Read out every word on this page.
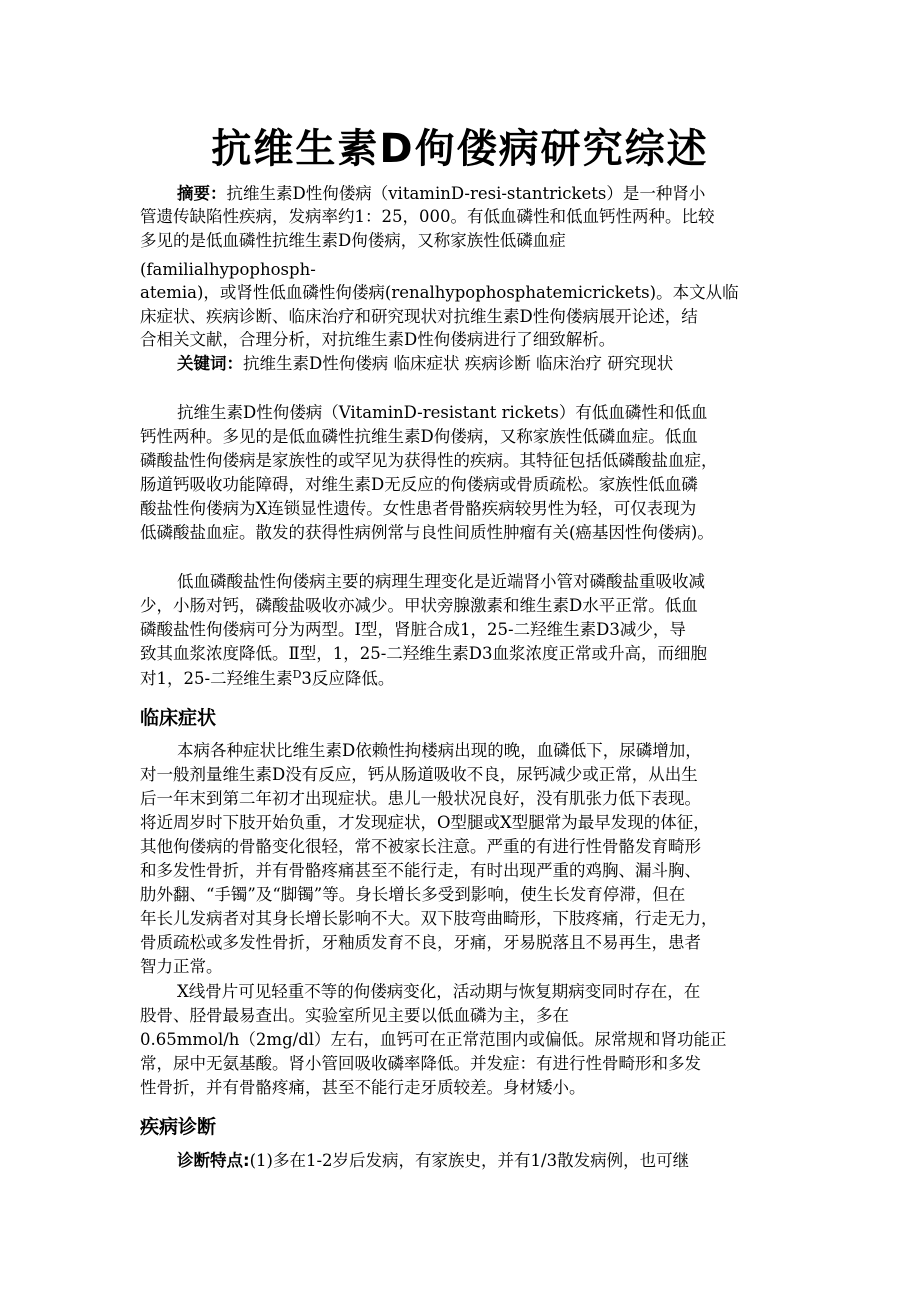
抗维生素D佝偻病研究综述
摘要：抗维生素D性佝偻病（vitaminD-resi-stantrickets）是一种肾小
管遗传缺陷性疾病，发病率约1：25，000。有低血磷性和低血钙性两种。比较
多见的是低血磷性抗维生素D佝偻病，又称家族性低磷血症
(familialhypophosph-
atemia)，或肾性低血磷性佝偻病(renalhypophosphatemicrickets)。本文从临
床症状、疾病诊断、临床治疗和研究现状对抗维生素D性佝偻病展开论述，结
合相关文献，合理分析，对抗维生素D性佝偻病进行了细致解析。
关键词：抗维生素D性佝偻病 临床症状 疾病诊断 临床治疗 研究现状
抗维生素D性佝偻病（VitaminD-resistant rickets）有低血磷性和低血
钙性两种。多见的是低血磷性抗维生素D佝偻病，又称家族性低磷血症。低血
磷酸盐性佝偻病是家族性的或罕见为获得性的疾病。其特征包括低磷酸盐血症，
肠道钙吸收功能障碍，对维生素D无反应的佝偻病或骨质疏松。家族性低血磷
酸盐性佝偻病为X连锁显性遗传。女性患者骨骼疾病较男性为轻，可仅表现为
低磷酸盐血症。散发的获得性病例常与良性间质性肿瘤有关(癌基因性佝偻病)。
低血磷酸盐性佝偻病主要的病理生理变化是近端肾小管对磷酸盐重吸收减
少，小肠对钙，磷酸盐吸收亦减少。甲状旁腺激素和维生素D水平正常。低血
磷酸盐性佝偻病可分为两型。Ⅰ型，肾脏合成1，25-二羟维生素D3减少，导
致其血浆浓度降低。Ⅱ型，1，25-二羟维生素D3血浆浓度正常或升高，而细胞
对1，25-二羟维生素$^D$3反应降低。
临床症状
本病各种症状比维生素D依赖性拘楼病出现的晚，血磷低下，尿磷增加，
对一般剂量维生素D没有反应，钙从肠道吸收不良，尿钙减少或正常，从出生
后一年末到第二年初才出现症状。患儿一般状况良好，没有肌张力低下表现。
将近周岁时下肢开始负重，才发现症状，O型腿或X型腿常为最早发现的体征，
其他佝偻病的骨骼变化很轻，常不被家长注意。严重的有进行性骨骼发育畸形
和多发性骨折，并有骨骼疼痛甚至不能行走，有时出现严重的鸡胸、漏斗胸、
肋外翻、“手镯”及“脚镯”等。身长增长多受到影响，使生长发育停滞，但在
年长儿发病者对其身长增长影响不大。双下肢弯曲畸形，下肢疼痛，行走无力，
骨质疏松或多发性骨折，牙釉质发育不良，牙痛，牙易脱落且不易再生，患者
智力正常。
X线骨片可见轻重不等的佝偻病变化，活动期与恢复期病变同时存在，在
股骨、胫骨最易查出。实验室所见主要以低血磷为主，多在
0.65mmol/h（2mg/dl）左右，血钙可在正常范围内或偏低。尿常规和肾功能正
常，尿中无氨基酸。肾小管回吸收磷率降低。并发症：有进行性骨畸形和多发
性骨折，并有骨骼疼痛，甚至不能行走牙质较差。身材矮小。
疾病诊断
诊断特点:(1)多在1-2岁后发病，有家族史，并有1/3散发病例，也可继
